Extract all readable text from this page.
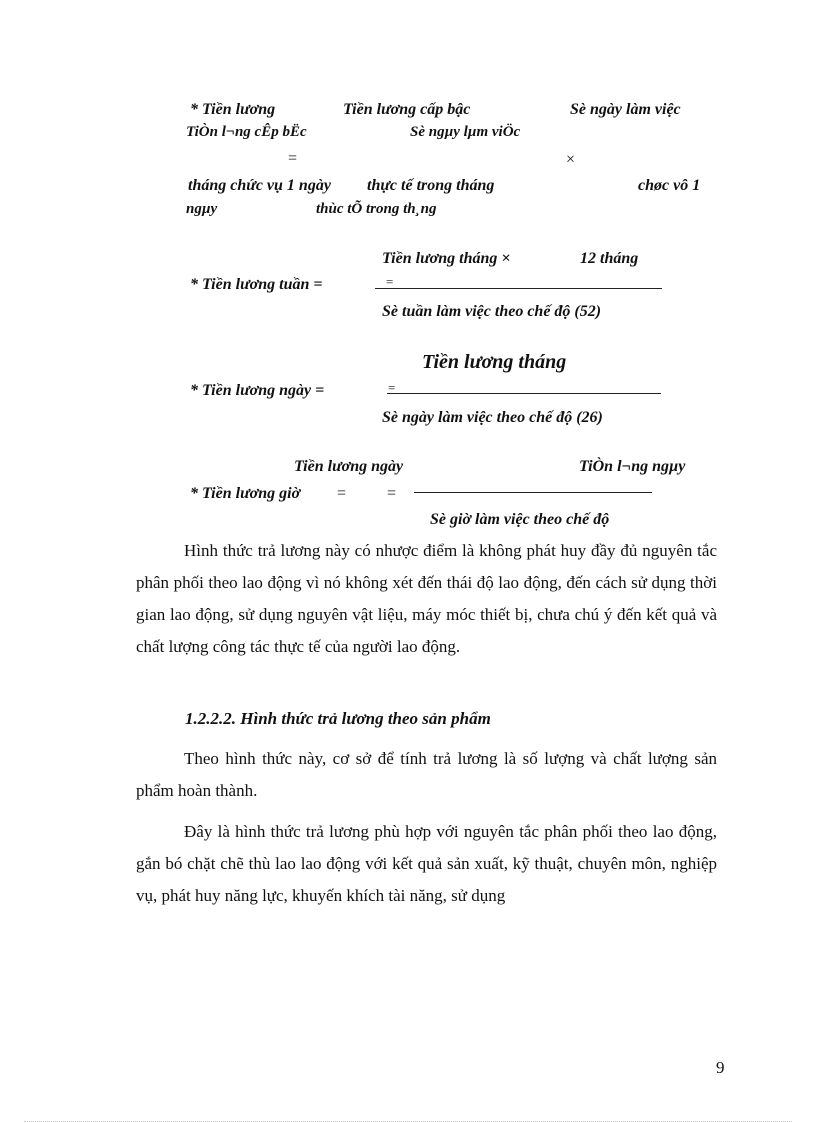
* Tiền lương	Tiền lương cấp bậc	Sè ngày làm việc
TiÒn l¬ng cÊp bËc	Sè ngµy lµm viÖc
=	×
tháng chức vụ 1 ngày thực tế trong tháng	chøc vô 1
ngµy	thùc tÕ trong th¸ng
Tiền lương tháng ×	12 tháng
* Tiền lương tuần =	=
Sè tuần làm việc theo chế độ (52)
Tiền lương tháng
* Tiền lương ngày =	=
Sè ngày làm việc theo chế độ (26)
Tiền lương ngày	TiÒn l¬ng ngµy
* Tiền lương giờ =	=
Sè giờ làm việc theo chế độ

Hình thức trả lương này có nhược điểm là không phát huy đầy đủ nguyên tắc phân phối theo lao động vì nó không xét đến thái độ lao động, đến cách sử dụng thời gian lao động, sử dụng nguyên vật liệu, máy móc thiết bị, chưa chú ý đến kết quả và chất lượng công tác thực tế của người lao động.

1.2.2.2. Hình thức trả lương theo sản phẩm

Theo hình thức này, cơ sở để tính trả lương là số lượng và chất lượng sản phẩm hoàn thành.

Đây là hình thức trả lương phù hợp với nguyên tắc phân phối theo lao động, gắn bó chặt chẽ thù lao lao động với kết quả sản xuất, kỹ thuật, chuyên môn, nghiệp vụ, phát huy năng lực, khuyến khích tài năng, sử dụng

9
